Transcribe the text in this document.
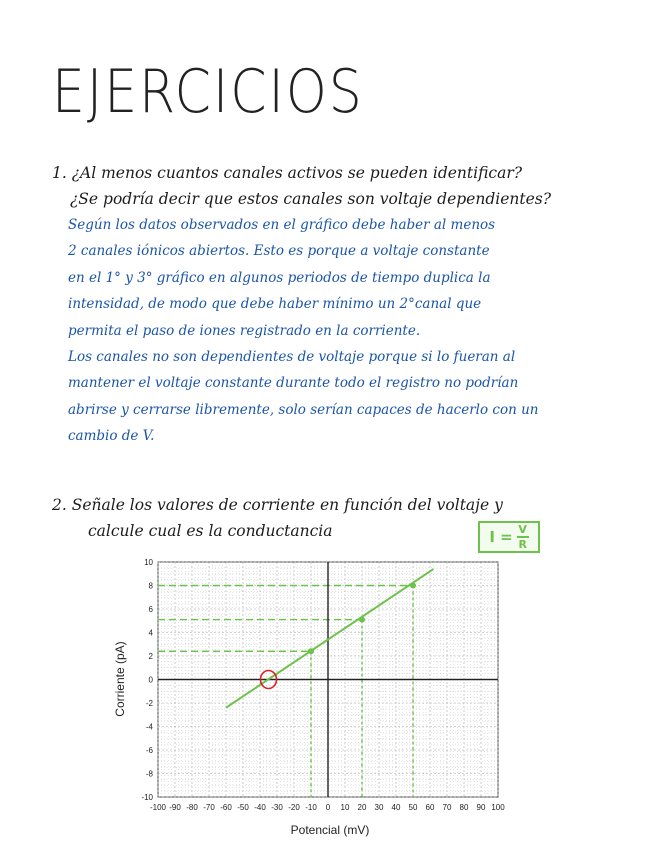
EJERCICIOS
1. ¿Al menos cuantos canales activos se pueden identificar?
¿Se podría decir que estos canales son voltaje dependientes?

Según los datos observados en el gráfico debe haber al menos

2 canales iónicos abiertos. Esto es porque a voltaje constante

en el 1° y 3° gráfico en algunos periodos de tiempo duplica la

intensidad, de modo que debe haber mínimo un 2°canal que

permita el paso de iones registrado en la corriente.

Los canales no son dependientes de voltaje porque si lo fueran al

mantener el voltaje constante durante todo el registro no podrían

abrirse y cerrarse libremente, solo serían capaces de hacerlo con un

cambio de V.

2. Señale los valores de corriente en función del voltaje y
calcule cual es la conductancia	$I = \frac{V}{R}$
-100 -90 -80 -70 -60 -50 -40 -30 -20 -10 0 10 20 30 40 50 60 70 80 90 100
10
8
6
4
2
0
-2
-4
-6
-8
-10
Potencial (mV)
Corriente (pA)
